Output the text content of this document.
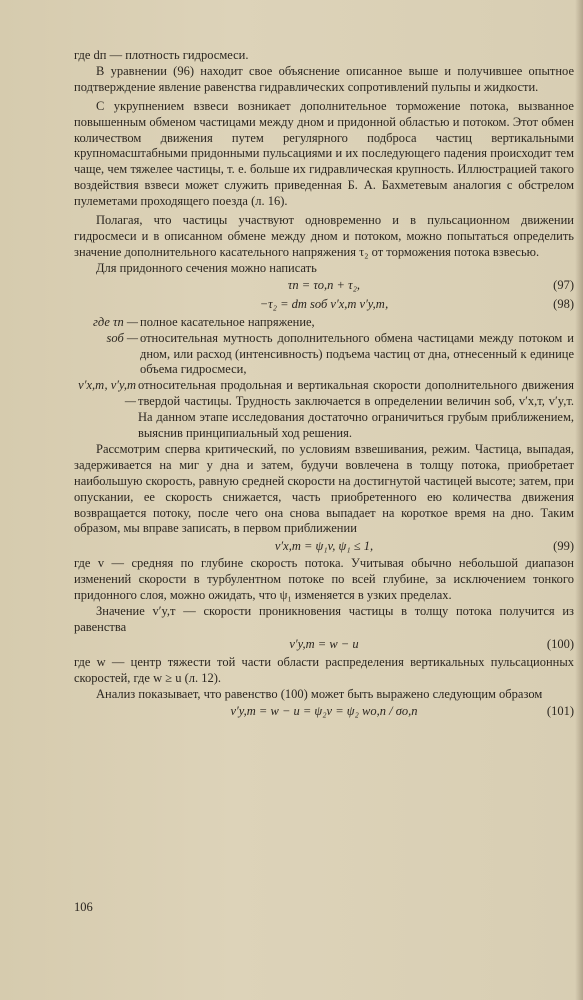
где dп — плотность гидросмеси.

В уравнении (96) находит свое объяснение описанное выше и получившее опытное подтверждение явление равенства гидравлических сопротивлений пульпы и жидкости.

С укрупнением взвеси возникает дополнительное торможение потока, вызванное повышенным обменом частицами между дном и придонной областью и потоком. Этот обмен количеством движения путем регулярного подброса частиц вертикальными крупномасштабными придонными пульсациями и их последующего падения происходит тем чаще, чем тяжелее частицы, т. е. больше их гидравлическая крупность. Иллюстрацией такого воздействия взвеси может служить приведенная Б. А. Бахметевым аналогия с обстрелом пулеметами проходящего поезда (л. 16).

Полагая, что частицы участвуют одновременно и в пульсационном движении гидросмеси и в описанном обмене между дном и потоком, можно попытаться определить значение дополнительного касательного напряжения τ₂ от торможения потока взвесью.

Для придонного сечения можно написать

τп = τо,п + τ₂,	(97)
−τ₂ = dт sоб v′x,т v′y,т,	(98)
где τп — полное касательное напряжение,
sоб — относительная мутность дополнительного обмена частицами между потоком и дном, или расход (интенсивность) подъема частиц от дна, отнесенный к единице объема гидросмеси,
v′x,т, v′y,т —
относительная продольная и вертикальная скорости дополнительного движения твердой частицы. Трудность заключается в определении величин sоб, v′x,т, v′y,т. На данном этапе исследования достаточно ограничиться грубым приближением, выяснив принципиальный ход решения.

Рассмотрим сперва критический, по условиям взвешивания, режим. Частица, выпадая, задерживается на миг у дна и затем, будучи вовлечена в толщу потока, приобретает наибольшую скорость, равную средней скорости на достигнутой частицей высоте; затем, при опускании, ее скорость снижается, часть приобретенного ею количества движения возвращается потоку, после чего она снова выпадает на короткое время на дно. Таким образом, мы вправе записать, в первом приближении

v′x,т = ψ₁v, ψ₁ ≤ 1,	(99)

где v — средняя по глубине скорость потока. Учитывая обычно небольшой диапазон изменений скорости в турбулентном потоке по всей глубине, за исключением тонкого придонного слоя, можно ожидать, что ψ₁ изменяется в узких пределах.

Значение v′y,т — скорости проникновения частицы в толщу потока получится из равенства

v′y,т = w − u	(100)

где w — центр тяжести той части области распределения вертикальных пульсационных скоростей, где w ≥ u (л. 12).

Анализ показывает, что равенство (100) может быть выражено следующим образом

v′y,т = w − u = ψ₂v = ψ₂ wо,п / σо,п	(101)
106
